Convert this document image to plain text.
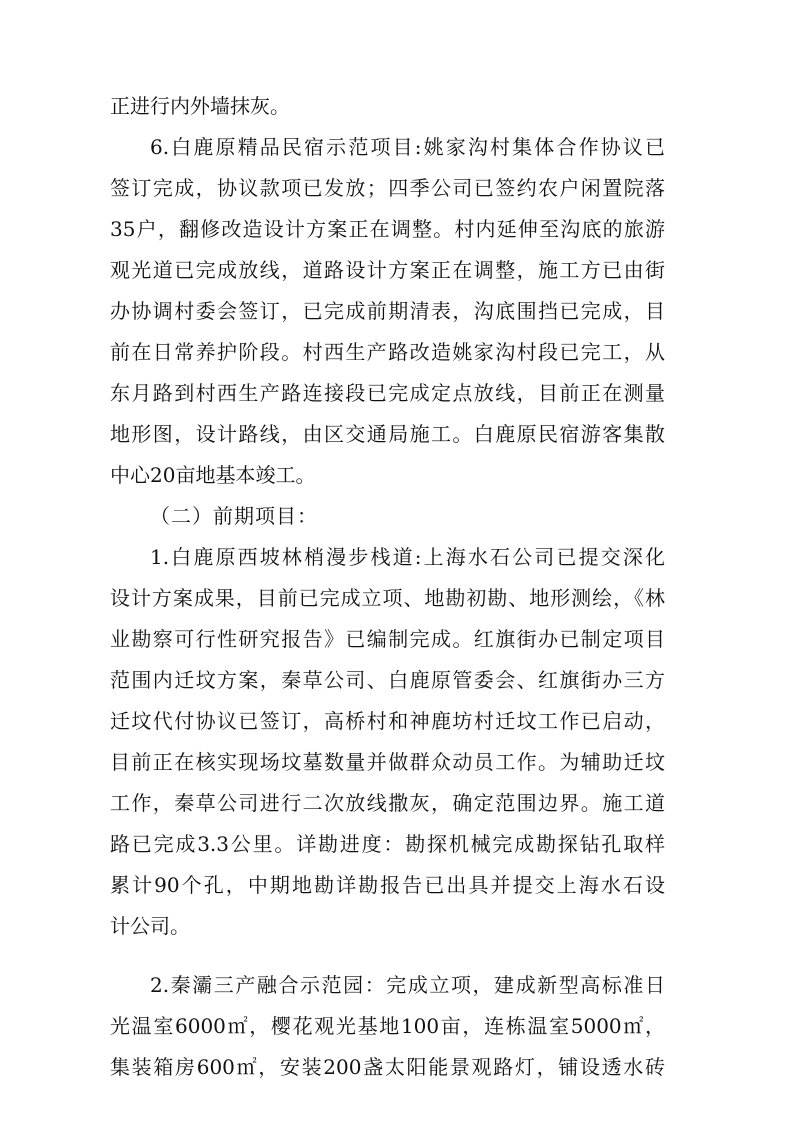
正进行内外墙抹灰。
6.白鹿原精品民宿示范项目:姚家沟村集体合作协议已
签订完成，协议款项已发放；四季公司已签约农户闲置院落
35户，翻修改造设计方案正在调整。村内延伸至沟底的旅游
观光道已完成放线，道路设计方案正在调整，施工方已由街
办协调村委会签订，已完成前期清表，沟底围挡已完成，目
前在日常养护阶段。村西生产路改造姚家沟村段已完工，从
东月路到村西生产路连接段已完成定点放线，目前正在测量
地形图，设计路线，由区交通局施工。白鹿原民宿游客集散
中心20亩地基本竣工。
（二）前期项目：
1.白鹿原西坡林梢漫步栈道:上海水石公司已提交深化
设计方案成果，目前已完成立项、地勘初勘、地形测绘，《林
业勘察可行性研究报告》已编制完成。红旗街办已制定项目
范围内迁坟方案，秦草公司、白鹿原管委会、红旗街办三方
迁坟代付协议已签订，高桥村和神鹿坊村迁坟工作已启动，
目前正在核实现场坟墓数量并做群众动员工作。为辅助迁坟
工作，秦草公司进行二次放线撒灰，确定范围边界。施工道
路已完成3.3公里。详勘进度：勘探机械完成勘探钻孔取样
累计90个孔，中期地勘详勘报告已出具并提交上海水石设
计公司。
2.秦灞三产融合示范园：完成立项，建成新型高标准日
光温室6000㎡，樱花观光基地100亩，连栋温室5000㎡，
集装箱房600㎡，安装200盏太阳能景观路灯，铺设透水砖
